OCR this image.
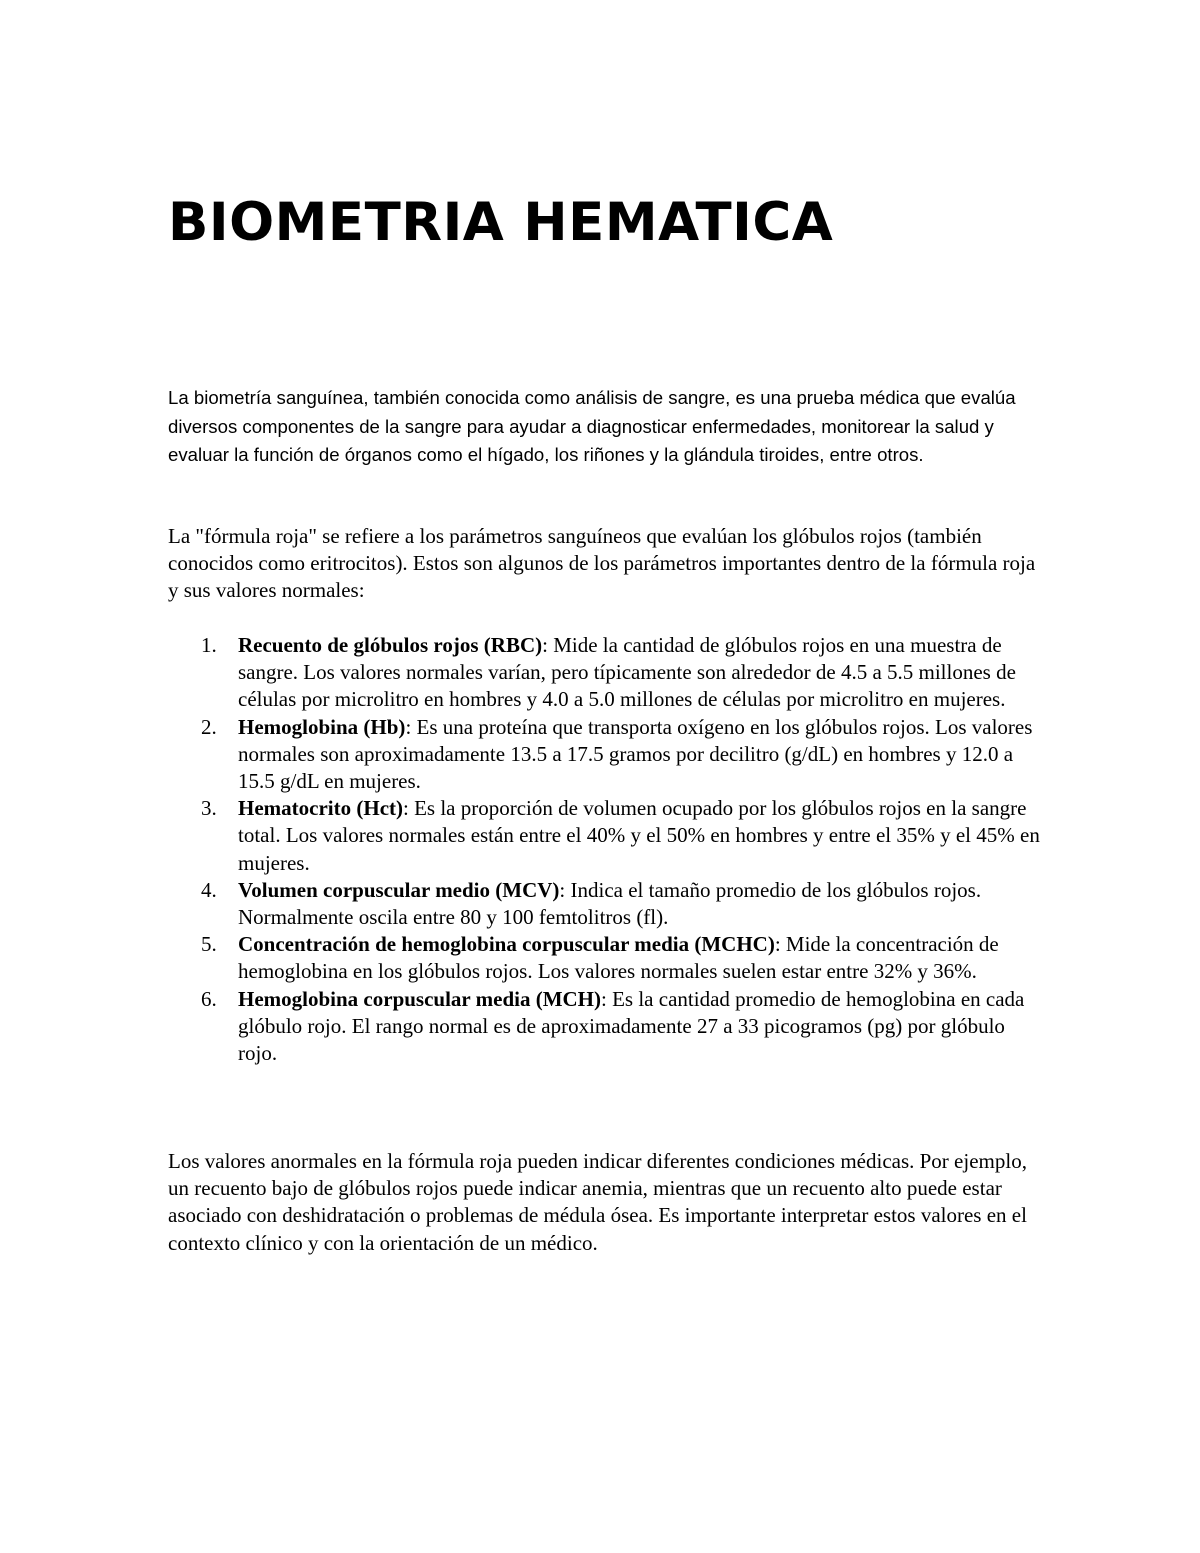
BIOMETRIA HEMATICA

La biometría sanguínea, también conocida como análisis de sangre, es una prueba médica que evalúa diversos componentes de la sangre para ayudar a diagnosticar enfermedades, monitorear la salud y evaluar la función de órganos como el hígado, los riñones y la glándula tiroides, entre otros.

La "fórmula roja" se refiere a los parámetros sanguíneos que evalúan los glóbulos rojos (también conocidos como eritrocitos). Estos son algunos de los parámetros importantes dentro de la fórmula roja y sus valores normales:

1. Recuento de glóbulos rojos (RBC): Mide la cantidad de glóbulos rojos en una muestra de sangre. Los valores normales varían, pero típicamente son alrededor de 4.5 a 5.5 millones de células por microlitro en hombres y 4.0 a 5.0 millones de células por microlitro en mujeres.
2. Hemoglobina (Hb): Es una proteína que transporta oxígeno en los glóbulos rojos. Los valores normales son aproximadamente 13.5 a 17.5 gramos por decilitro (g/dL) en hombres y 12.0 a 15.5 g/dL en mujeres.
3. Hematocrito (Hct): Es la proporción de volumen ocupado por los glóbulos rojos en la sangre total. Los valores normales están entre el 40% y el 50% en hombres y entre el 35% y el 45% en mujeres.
4. Volumen corpuscular medio (MCV): Indica el tamaño promedio de los glóbulos rojos. Normalmente oscila entre 80 y 100 femtolitros (fl).
5. Concentración de hemoglobina corpuscular media (MCHC): Mide la concentración de hemoglobina en los glóbulos rojos. Los valores normales suelen estar entre 32% y 36%.
6. Hemoglobina corpuscular media (MCH): Es la cantidad promedio de hemoglobina en cada glóbulo rojo. El rango normal es de aproximadamente 27 a 33 picogramos (pg) por glóbulo rojo.

Los valores anormales en la fórmula roja pueden indicar diferentes condiciones médicas. Por ejemplo, un recuento bajo de glóbulos rojos puede indicar anemia, mientras que un recuento alto puede estar asociado con deshidratación o problemas de médula ósea. Es importante interpretar estos valores en el contexto clínico y con la orientación de un médico.
